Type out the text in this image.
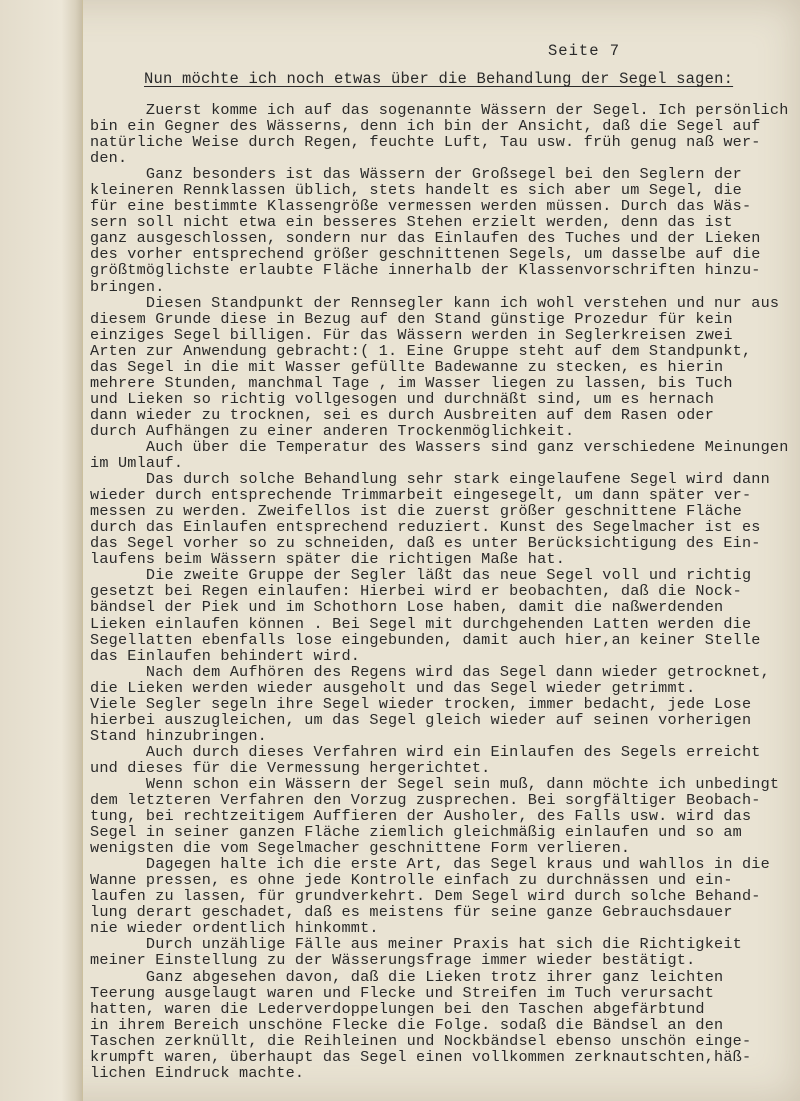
Seite 7
Nun möchte ich noch etwas über die Behandlung der Segel sagen:
Zuerst komme ich auf das sogenannte Wässern der Segel. Ich persönlich
bin ein Gegner des Wässerns, denn ich bin der Ansicht, daß die Segel auf
natürliche Weise durch Regen, feuchte Luft, Tau usw. früh genug naß wer-
den.
Ganz besonders ist das Wässern der Großsegel bei den Seglern der
kleineren Rennklassen üblich, stets handelt es sich aber um Segel, die
für eine bestimmte Klassengröße vermessen werden müssen. Durch das Wäs-
sern soll nicht etwa ein besseres Stehen erzielt werden, denn das ist
ganz ausgeschlossen, sondern nur das Einlaufen des Tuches und der Lieken
des vorher entsprechend größer geschnittenen Segels, um dasselbe auf die
größtmöglichste erlaubte Fläche innerhalb der Klassenvorschriften hinzu-
bringen.
Diesen Standpunkt der Rennsegler kann ich wohl verstehen und nur aus
diesem Grunde diese in Bezug auf den Stand günstige Prozedur für kein
einziges Segel billigen. Für das Wässern werden in Seglerkreisen zwei
Arten zur Anwendung gebracht:( 1. Eine Gruppe steht auf dem Standpunkt,
das Segel in die mit Wasser gefüllte Badewanne zu stecken, es hierin
mehrere Stunden, manchmal Tage , im Wasser liegen zu lassen, bis Tuch
und Lieken so richtig vollgesogen und durchnäßt sind, um es hernach
dann wieder zu trocknen, sei es durch Ausbreiten auf dem Rasen oder
durch Aufhängen zu einer anderen Trockenmöglichkeit.
Auch über die Temperatur des Wassers sind ganz verschiedene Meinungen
im Umlauf.
Das durch solche Behandlung sehr stark eingelaufene Segel wird dann
wieder durch entsprechende Trimmarbeit eingesegelt, um dann später ver-
messen zu werden. Zweifellos ist die zuerst größer geschnittene Fläche
durch das Einlaufen entsprechend reduziert. Kunst des Segelmacher ist es
das Segel vorher so zu schneiden, daß es unter Berücksichtigung des Ein-
laufens beim Wässern später die richtigen Maße hat.
Die zweite Gruppe der Segler läßt das neue Segel voll und richtig
gesetzt bei Regen einlaufen: Hierbei wird er beobachten, daß die Nock-
bändsel der Piek und im Schothorn Lose haben, damit die naßwerdenden
Lieken einlaufen können . Bei Segel mit durchgehenden Latten werden die
Segellatten ebenfalls lose eingebunden, damit auch hier,an keiner Stelle
das Einlaufen behindert wird.
Nach dem Aufhören des Regens wird das Segel dann wieder getrocknet,
die Lieken werden wieder ausgeholt und das Segel wieder getrimmt.
Viele Segler segeln ihre Segel wieder trocken, immer bedacht, jede Lose
hierbei auszugleichen, um das Segel gleich wieder auf seinen vorherigen
Stand hinzubringen.
Auch durch dieses Verfahren wird ein Einlaufen des Segels erreicht
und dieses für die Vermessung hergerichtet.
Wenn schon ein Wässern der Segel sein muß, dann möchte ich unbedingt
dem letzteren Verfahren den Vorzug zusprechen. Bei sorgfältiger Beobach-
tung, bei rechtzeitigem Auffieren der Ausholer, des Falls usw. wird das
Segel in seiner ganzen Fläche ziemlich gleichmäßig einlaufen und so am
wenigsten die vom Segelmacher geschnittene Form verlieren.
Dagegen halte ich die erste Art, das Segel kraus und wahllos in die
Wanne pressen, es ohne jede Kontrolle einfach zu durchnässen und ein-
laufen zu lassen, für grundverkehrt. Dem Segel wird durch solche Behand-
lung derart geschadet, daß es meistens für seine ganze Gebrauchsdauer
nie wieder ordentlich hinkommt.
Durch unzählige Fälle aus meiner Praxis hat sich die Richtigkeit
meiner Einstellung zu der Wässerungsfrage immer wieder bestätigt.
Ganz abgesehen davon, daß die Lieken trotz ihrer ganz leichten
Teerung ausgelaugt waren und Flecke und Streifen im Tuch verursacht
hatten, waren die Lederverdoppelungen bei den Taschen abgefärbtund
in ihrem Bereich unschöne Flecke die Folge. sodaß die Bändsel an den
Taschen zerknüllt, die Reihleinen und Nockbändsel ebenso unschön einge-
krumpft waren, überhaupt das Segel einen vollkommen zerknautschten,häß-
lichen Eindruck machte.
